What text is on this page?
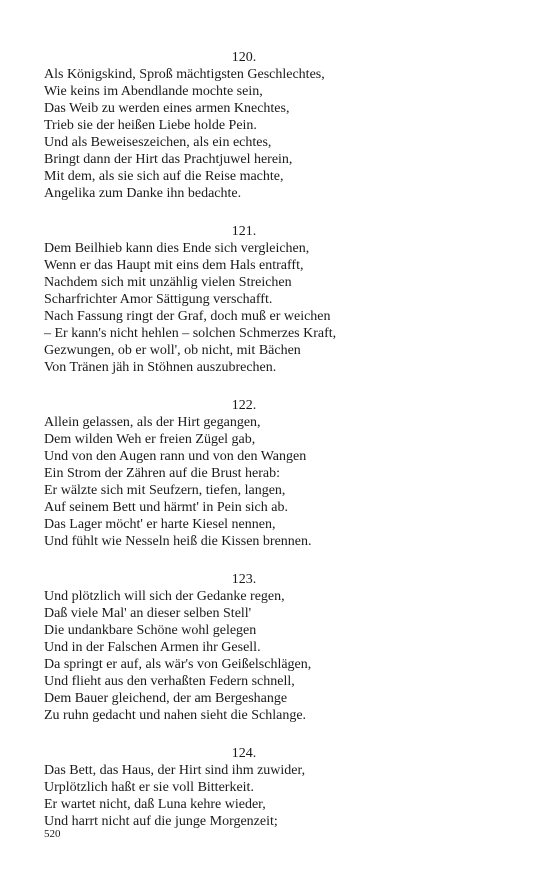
120.
Als Königskind, Sproß mächtigsten Geschlechtes,
Wie keins im Abendlande mochte sein,
Das Weib zu werden eines armen Knechtes,
Trieb sie der heißen Liebe holde Pein.
Und als Beweiseszeichen, als ein echtes,
Bringt dann der Hirt das Prachtjuwel herein,
Mit dem, als sie sich auf die Reise machte,
Angelika zum Danke ihn bedachte.
121.
Dem Beilhieb kann dies Ende sich vergleichen,
Wenn er das Haupt mit eins dem Hals entrafft,
Nachdem sich mit unzählig vielen Streichen
Scharfrichter Amor Sättigung verschafft.
Nach Fassung ringt der Graf, doch muß er weichen
– Er kann's nicht hehlen – solchen Schmerzes Kraft,
Gezwungen, ob er woll', ob nicht, mit Bächen
Von Tränen jäh in Stöhnen auszubrechen.
122.
Allein gelassen, als der Hirt gegangen,
Dem wilden Weh er freien Zügel gab,
Und von den Augen rann und von den Wangen
Ein Strom der Zähren auf die Brust herab:
Er wälzte sich mit Seufzern, tiefen, langen,
Auf seinem Bett und härmt' in Pein sich ab.
Das Lager möcht' er harte Kiesel nennen,
Und fühlt wie Nesseln heiß die Kissen brennen.
123.
Und plötzlich will sich der Gedanke regen,
Daß viele Mal' an dieser selben Stell'
Die undankbare Schöne wohl gelegen
Und in der Falschen Armen ihr Gesell.
Da springt er auf, als wär's von Geißelschlägen,
Und flieht aus den verhaßten Federn schnell,
Dem Bauer gleichend, der am Bergeshange
Zu ruhn gedacht und nahen sieht die Schlange.
124.
Das Bett, das Haus, der Hirt sind ihm zuwider,
Urplötzlich haßt er sie voll Bitterkeit.
Er wartet nicht, daß Luna kehre wieder,
Und harrt nicht auf die junge Morgenzeit;
520
